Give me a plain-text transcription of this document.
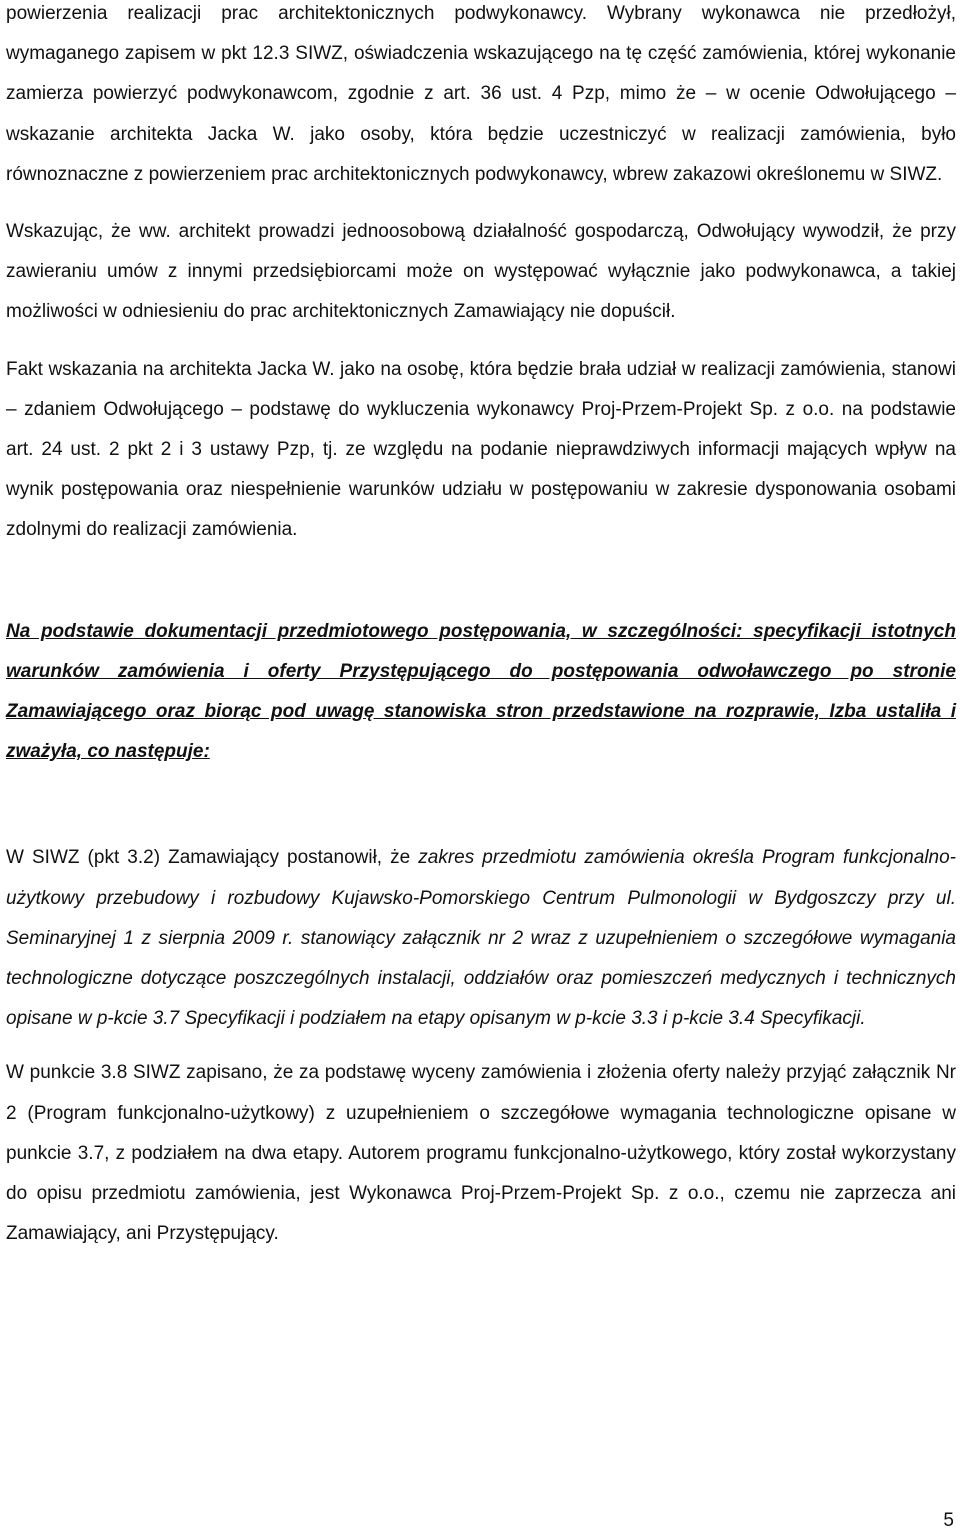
powierzenia realizacji prac architektonicznych podwykonawcy. Wybrany wykonawca nie przedłożył, wymaganego zapisem w pkt 12.3 SIWZ, oświadczenia wskazującego na tę część zamówienia, której wykonanie zamierza powierzyć podwykonawcom, zgodnie z art. 36 ust. 4 Pzp, mimo że – w ocenie Odwołującego – wskazanie architekta Jacka W. jako osoby, która będzie uczestniczyć w realizacji zamówienia, było równoznaczne z powierzeniem prac architektonicznych podwykonawcy, wbrew zakazowi określonemu w SIWZ.

Wskazując, że ww. architekt prowadzi jednoosobową działalność gospodarczą, Odwołujący wywodził, że przy zawieraniu umów z innymi przedsiębiorcami może on występować wyłącznie jako podwykonawca, a takiej możliwości w odniesieniu do prac architektonicznych Zamawiający nie dopuścił.

Fakt wskazania na architekta Jacka W. jako na osobę, która będzie brała udział w realizacji zamówienia, stanowi – zdaniem Odwołującego – podstawę do wykluczenia wykonawcy Proj-Przem-Projekt Sp. z o.o. na podstawie art. 24 ust. 2 pkt 2 i 3 ustawy Pzp, tj. ze względu na podanie nieprawdziwych informacji mających wpływ na wynik postępowania oraz niespełnienie warunków udziału w postępowaniu w zakresie dysponowania osobami zdolnymi do realizacji zamówienia.

Na podstawie dokumentacji przedmiotowego postępowania, w szczególności: specyfikacji istotnych warunków zamówienia i oferty Przystępującego do postępowania odwoławczego po stronie Zamawiającego oraz biorąc pod uwagę stanowiska stron przedstawione na rozprawie, Izba ustaliła i zważyła, co następuje:

W SIWZ (pkt 3.2) Zamawiający postanowił, że zakres przedmiotu zamówienia określa Program funkcjonalno-użytkowy przebudowy i rozbudowy Kujawsko-Pomorskiego Centrum Pulmonologii w Bydgoszczy przy ul. Seminaryjnej 1 z sierpnia 2009 r. stanowiący załącznik nr 2 wraz z uzupełnieniem o szczegółowe wymagania technologiczne dotyczące poszczególnych instalacji, oddziałów oraz pomieszczeń medycznych i technicznych opisane w p-kcie 3.7 Specyfikacji i podziałem na etapy opisanym w p-kcie 3.3 i p-kcie 3.4 Specyfikacji.

W punkcie 3.8 SIWZ zapisano, że za podstawę wyceny zamówienia i złożenia oferty należy przyjąć załącznik Nr 2 (Program funkcjonalno-użytkowy) z uzupełnieniem o szczegółowe wymagania technologiczne opisane w punkcie 3.7, z podziałem na dwa etapy. Autorem programu funkcjonalno-użytkowego, który został wykorzystany do opisu przedmiotu zamówienia, jest Wykonawca Proj-Przem-Projekt Sp. z o.o., czemu nie zaprzecza ani Zamawiający, ani Przystępujący.

5
